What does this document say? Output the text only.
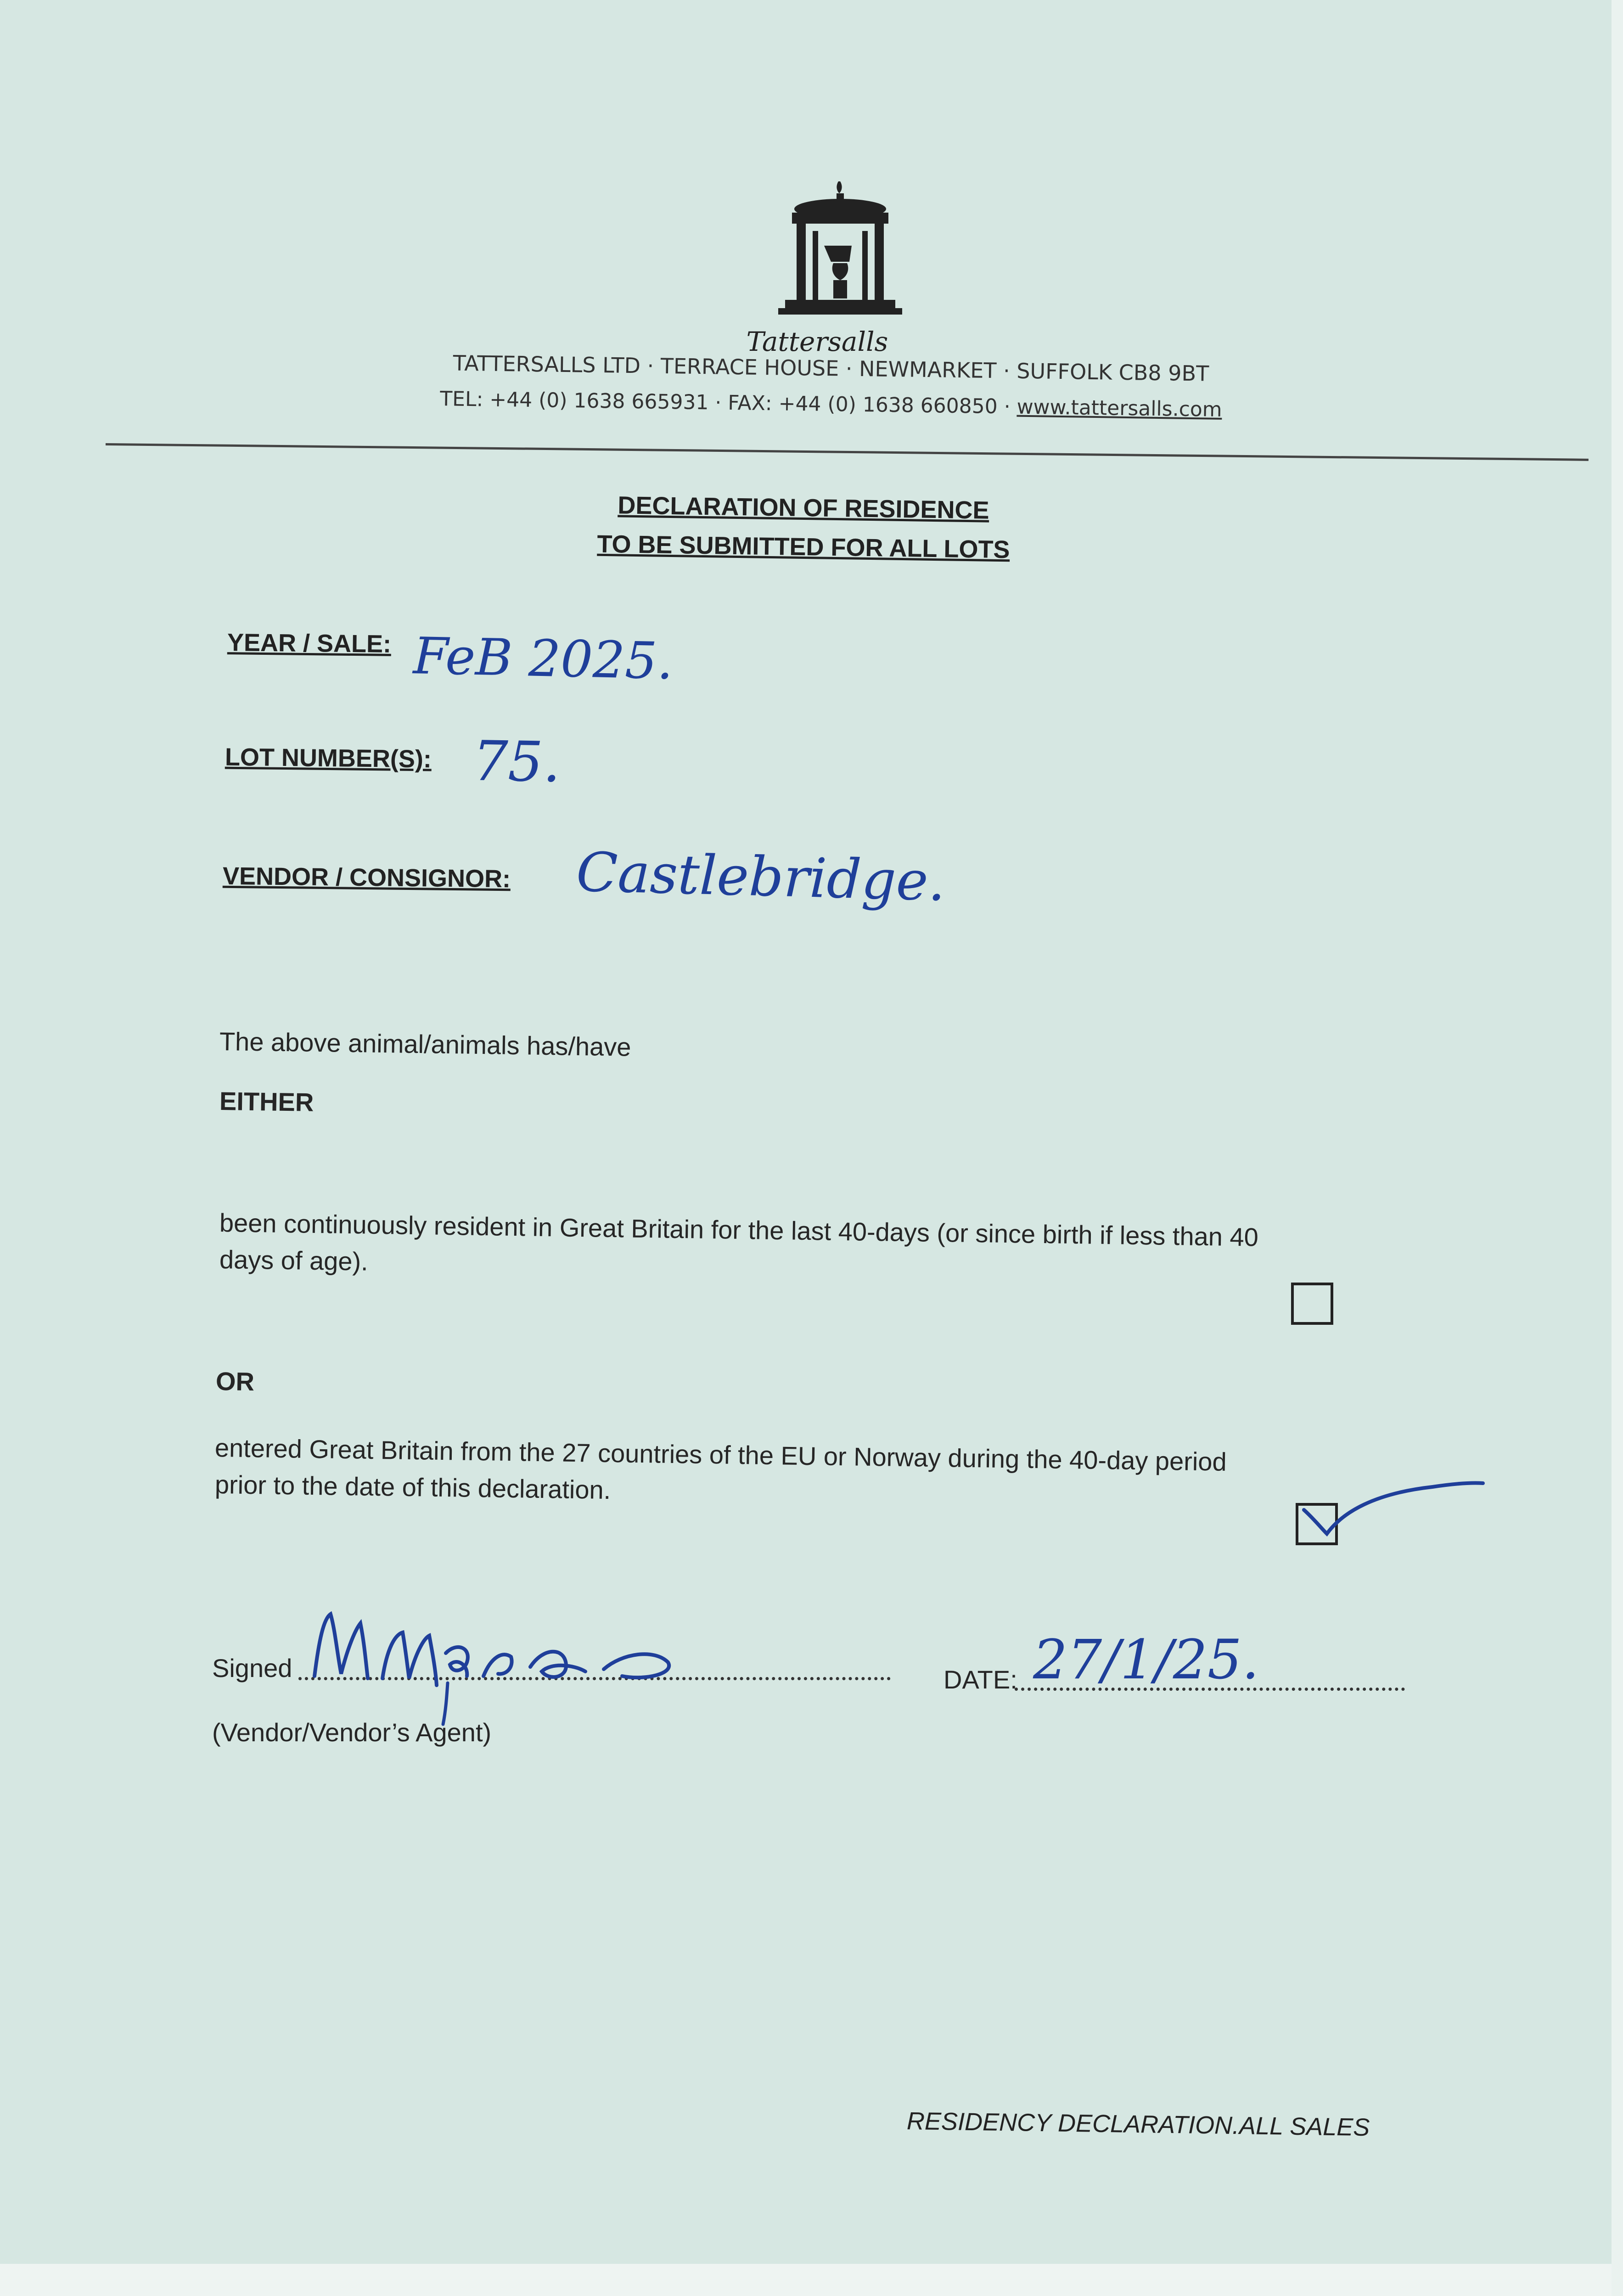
Tattersalls
TATTERSALLS LTD · TERRACE HOUSE · NEWMARKET · SUFFOLK CB8 9BT
TEL: +44 (0) 1638 665931 · FAX: +44 (0) 1638 660850 · www.tattersalls.com
DECLARATION OF RESIDENCE
TO BE SUBMITTED FOR ALL LOTS
YEAR / SALE: FeB 2025.
LOT NUMBER(S): 75.
VENDOR / CONSIGNOR: Castlebridge.
The above animal/animals has/have
EITHER
been continuously resident in Great Britain for the last 40-days (or since birth if less than 40
days of age).
OR
entered Great Britain from the 27 countries of the EU or Norway during the 40-day period
prior to the date of this declaration.
Signed
(Vendor/Vendor’s Agent)
DATE: 27/1/25.
RESIDENCY DECLARATION.ALL SALES
